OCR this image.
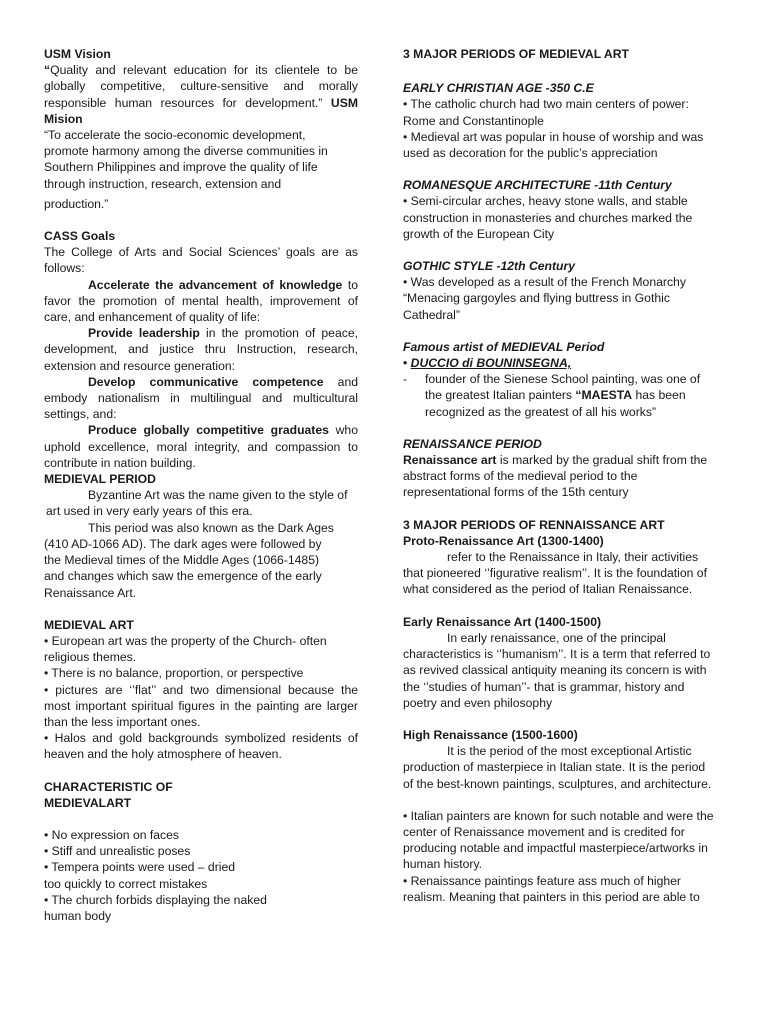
USM Vision

“Quality and relevant education for its clientele to be globally competitive, culture-sensitive and morally responsible human resources for development.” USM Mision

“To accelerate the socio-economic development,

promote harmony among the diverse communities in

Southern Philippines and improve the quality of life

through instruction, research, extension and

production.”

CASS Goals

The College of Arts and Social Sciences’ goals are as follows:

Accelerate the advancement of knowledge to favor the promotion of mental health, improvement of care, and enhancement of quality of life:

Provide leadership in the promotion of peace, development, and justice thru Instruction, research, extension and resource generation:

Develop communicative competence and embody nationalism in multilingual and multicultural settings, and:

Produce globally competitive graduates who uphold excellence, moral integrity, and compassion to contribute in nation building.

MEDIEVAL PERIOD

Byzantine Art was the name given to the style of

art used in very early years of this era.

This period was also known as the Dark Ages

(410 AD-1066 AD). The dark ages were followed by

the Medieval times of the Middle Ages (1066-1485)

and changes which saw the emergence of the early

Renaissance Art.

MEDIEVAL ART

• European art was the property of the Church- often religious themes.

• There is no balance, proportion, or perspective

• pictures are ‘’flat’’ and two dimensional because the most important spiritual figures in the painting are larger than the less important ones.

• Halos and gold backgrounds symbolized residents of heaven and the holy atmosphere of heaven.

CHARACTERISTIC OF

MEDIEVALART

• No expression on faces

• Stiff and unrealistic poses

• Tempera points were used – dried

too quickly to correct mistakes

• The church forbids displaying the naked

human body

3 MAJOR PERIODS OF MEDIEVAL ART

EARLY CHRISTIAN AGE -350 C.E

• The catholic church had two main centers of power: Rome and Constantinople

• Medieval art was popular in house of worship and was used as decoration for the public’s appreciation

ROMANESQUE ARCHITECTURE -11th Century

• Semi-circular arches, heavy stone walls, and stable construction in monasteries and churches marked the growth of the European City

GOTHIC STYLE -12th Century

• Was developed as a result of the French Monarchy “Menacing gargoyles and flying buttress in Gothic Cathedral”

Famous artist of MEDIEVAL Period

• DUCCIO di BOUNINSEGNA,

-	founder of the Sienese School painting, was one of the greatest Italian painters “MAESTA has been recognized as the greatest of all his works”

RENAISSANCE PERIOD

Renaissance art is marked by the gradual shift from the abstract forms of the medieval period to the representational forms of the 15th century

3 MAJOR PERIODS OF RENNAISSANCE ART

Proto-Renaissance Art (1300-1400)

refer to the Renaissance in Italy, their activities that pioneered ‘’figurative realism’’. It is the foundation of what considered as the period of Italian Renaissance.

Early Renaissance Art (1400-1500)

In early renaissance, one of the principal characteristics is ‘’humanism’’. It is a term that referred to as revived classical antiquity meaning its concern is with the ‘’studies of human’’- that is grammar, history and poetry and even philosophy

High Renaissance (1500-1600)

It is the period of the most exceptional Artistic production of masterpiece in Italian state. It is the period of the best-known paintings, sculptures, and architecture.

• Italian painters are known for such notable and were the center of Renaissance movement and is credited for producing notable and impactful masterpiece/artworks in human history.

• Renaissance paintings feature ass much of higher realism. Meaning that painters in this period are able to
